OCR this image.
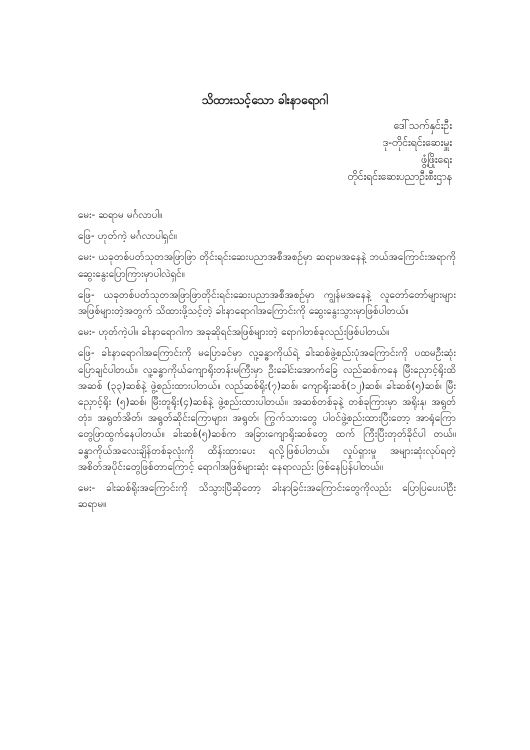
သိထားသင့်သော ခါးနာရောဂါ
ဒေါ်သက်နှင်းဦး
ဒု-တိုင်းရင်းဆေးမှူး
ဖွံ့ဖြိုးရေး
တိုင်းရင်းဆေးပညာဦးစီးဌာန

မေး- ဆရာမ မင်္ဂလာပါ။

ဖြေ- ဟုတ်ကဲ့ မင်္ဂလာပါရှင်။

မေး- ယခုတစ်ပတ်သုတအဖြာဖြာ တိုင်းရင်းဆေးပညာအစီအစဉ်မှာ ဆရာမအနေနဲ့ ဘယ်အကြောင်းအရာကို ဆွေးနွေးပြောကြားမှာပါလဲရှင်။

ဖြေ- ယခုတစ်ပတ်သုတအဖြာဖြာတိုင်းရင်းဆေးပညာအစီအစဉ်မှာ ကျွန်မအနေနဲ့ လူတော်တော်များများ အဖြစ်များတဲ့အတွက် သိထားဖို့သင့်တဲ့ ခါးနာရောဂါအကြောင်းကို ဆွေးနွေးသွားမှာဖြစ်ပါတယ်။

မေး- ဟုတ်ကဲ့ပါ။ ခါးနာရောဂါက အခုဆိုရင်အဖြစ်များတဲ့ ရောဂါတစ်ခုလည်းဖြစ်ပါတယ်။

ဖြေ- ခါးနာရောဂါအကြောင်းကို မပြောခင်မှာ လူ့ခန္ဓာကိုယ်ရဲ့ ခါးဆစ်ဖွဲ့စည်းပုံအကြောင်းကို ပထမဦးဆုံး ပြောချင်ပါတယ်။ လူ့ခန္ဓာကိုယ်ကျောရိုးတန်းမကြီးမှာ ဦးခေါင်းအောက်ခြေ လည်ဆစ်ကနေ မြီးညှောင့်ရိုးထိ အဆစ် (၃၃)ဆစ်နဲ့ ဖွဲ့စည်းထားပါတယ်။ လည်ဆစ်ရိုး(၇)ဆစ်၊ ကျောရိုးဆစ်(၁၂)ဆစ်၊ ခါးဆစ်(၅)ဆစ်၊ မြီးညှောင့်ရိုး (၅)ဆစ်၊ မြီးတူရိုး(၄)ဆစ်နဲ့ ဖွဲ့စည်းထားပါတယ်။ အဆစ်တစ်ခုနဲ့ တစ်ခုကြားမှာ အရိုးနု၊ အရွတ်တုံး၊ အရွတ်အိတ်၊ အရွတ်ဆိုင်းကြောများ၊ အရွတ်၊ ကြွက်သားတွေ ပါဝင်ဖွဲ့စည်းထားပြီးတော့ အာရုံကြောတွေဖြာထွက်နေပါတယ်။ ခါးဆစ်(၅)ဆစ်က အခြားကျောရိုးဆစ်တွေ ထက် ကြီးပြီးတုတ်ခိုင်ပါ တယ်။ ခန္ဓာကိုယ်အလေးချိန်တစ်ခုလုံးကို ထိန်းထားပေး ရလို့ဖြစ်ပါတယ်။ လှုပ်ရှားမှု အများဆုံးလုပ်ရတဲ့ အစိတ်အပိုင်းတွေဖြစ်တာကြောင့် ရောဂါအဖြစ်များဆုံး နေရာလည်း ဖြစ်နေပြန်ပါတယ်။

မေး- ခါးဆစ်ရိုးအကြောင်းကို သိသွားပြီဆိုတော့ ခါးနာခြင်းအကြောင်းတွေကိုလည်း ပြောပြပေးပါဦး ဆရာမ။
